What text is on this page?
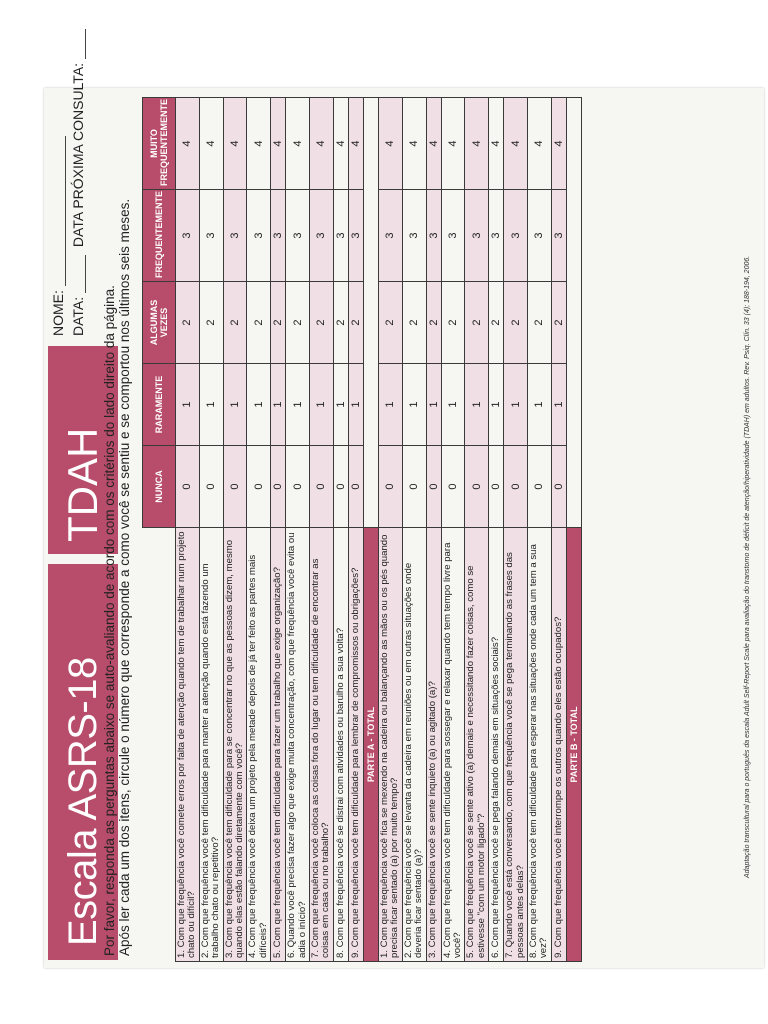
Escala ASRS-18
TDAH
NOME: DATA:  DATA PRÓXIMA CONSULTA:
Por favor, responda as perguntas abaixo se auto-avaliando de acordo com os critérios do lado direito da página. Após ler cada um dos itens, circule o número que corresponde a como você se sentiu e se comportou nos últimos seis meses.
	NUNCA	RARAMENTE	ALGUMAS VEZES	FREQUENTEMENTE	MUITO FREQUENTEMENTE
1. Com que frequência você comete erros por falta de atenção quando tem de trabalhar num projeto chato ou difícil?	0	1	2	3	4
2. Com que frequência você tem dificuldade para manter a atenção quando está fazendo um trabalho chato ou repetitivo?	0	1	2	3	4
3. Com que frequência você tem dificuldade para se concentrar no que as pessoas dizem, mesmo quando elas estão falando diretamente com você?	0	1	2	3	4
4. Com que frequência você deixa um projeto pela metade depois de já ter feito as partes mais difíceis?	0	1	2	3	4
5. Com que frequência você tem dificuldade para fazer um trabalho que exige organização?	0	1	2	3	4
6. Quando você precisa fazer algo que exige muita concentração, com que frequência você evita ou adia o início?	0	1	2	3	4
7. Com que frequência você coloca as coisas fora do lugar ou tem dificuldade de encontrar as coisas em casa ou no trabalho?	0	1	2	3	4
8. Com que frequência você se distrai com atividades ou barulho a sua volta?	0	1	2	3	4
9. Com que frequência você tem dificuldade para lembrar de compromissos ou obrigações?	0	1	2	3	4
PARTE A - TOTAL					
1. Com que frequência você fica se mexendo na cadeira ou balançando as mãos ou os pés quando precisa ficar sentado (a) por muito tempo?	0	1	2	3	4
2. Com que frequência você se levanta da cadeira em reuniões ou em outras situações onde deveria ficar sentado (a)?	0	1	2	3	4
3. Com que frequência você se sente inquieto (a) ou agitado (a)?	0	1	2	3	4
4. Com que frequência você tem dificuldade para sossegar e relaxar quando tem tempo livre para você?	0	1	2	3	4
5. Com que frequência você se sente ativo (a) demais e necessitando fazer coisas, como se estivesse "com um motor ligado"?	0	1	2	3	4
6. Com que frequência você se pega falando demais em situações sociais?	0	1	2	3	4
7. Quando você está conversando, com que frequência você se pega terminando as frases das pessoas antes delas?	0	1	2	3	4
8. Com que frequência você tem dificuldade para esperar nas situações onde cada um tem a sua vez?	0	1	2	3	4
9. Com que frequência você interrompe os outros quando eles estão ocupados?	0	1	2	3	4
PARTE B - TOTAL						Adaptação transcultural para o português da escala Adult Self-Report Scale para avaliação do transtorno de déficit de atenção/hiperatividade (TDAH) em adultos. Rev. Psiq. Clín. 33 (4); 188-194, 2006.
